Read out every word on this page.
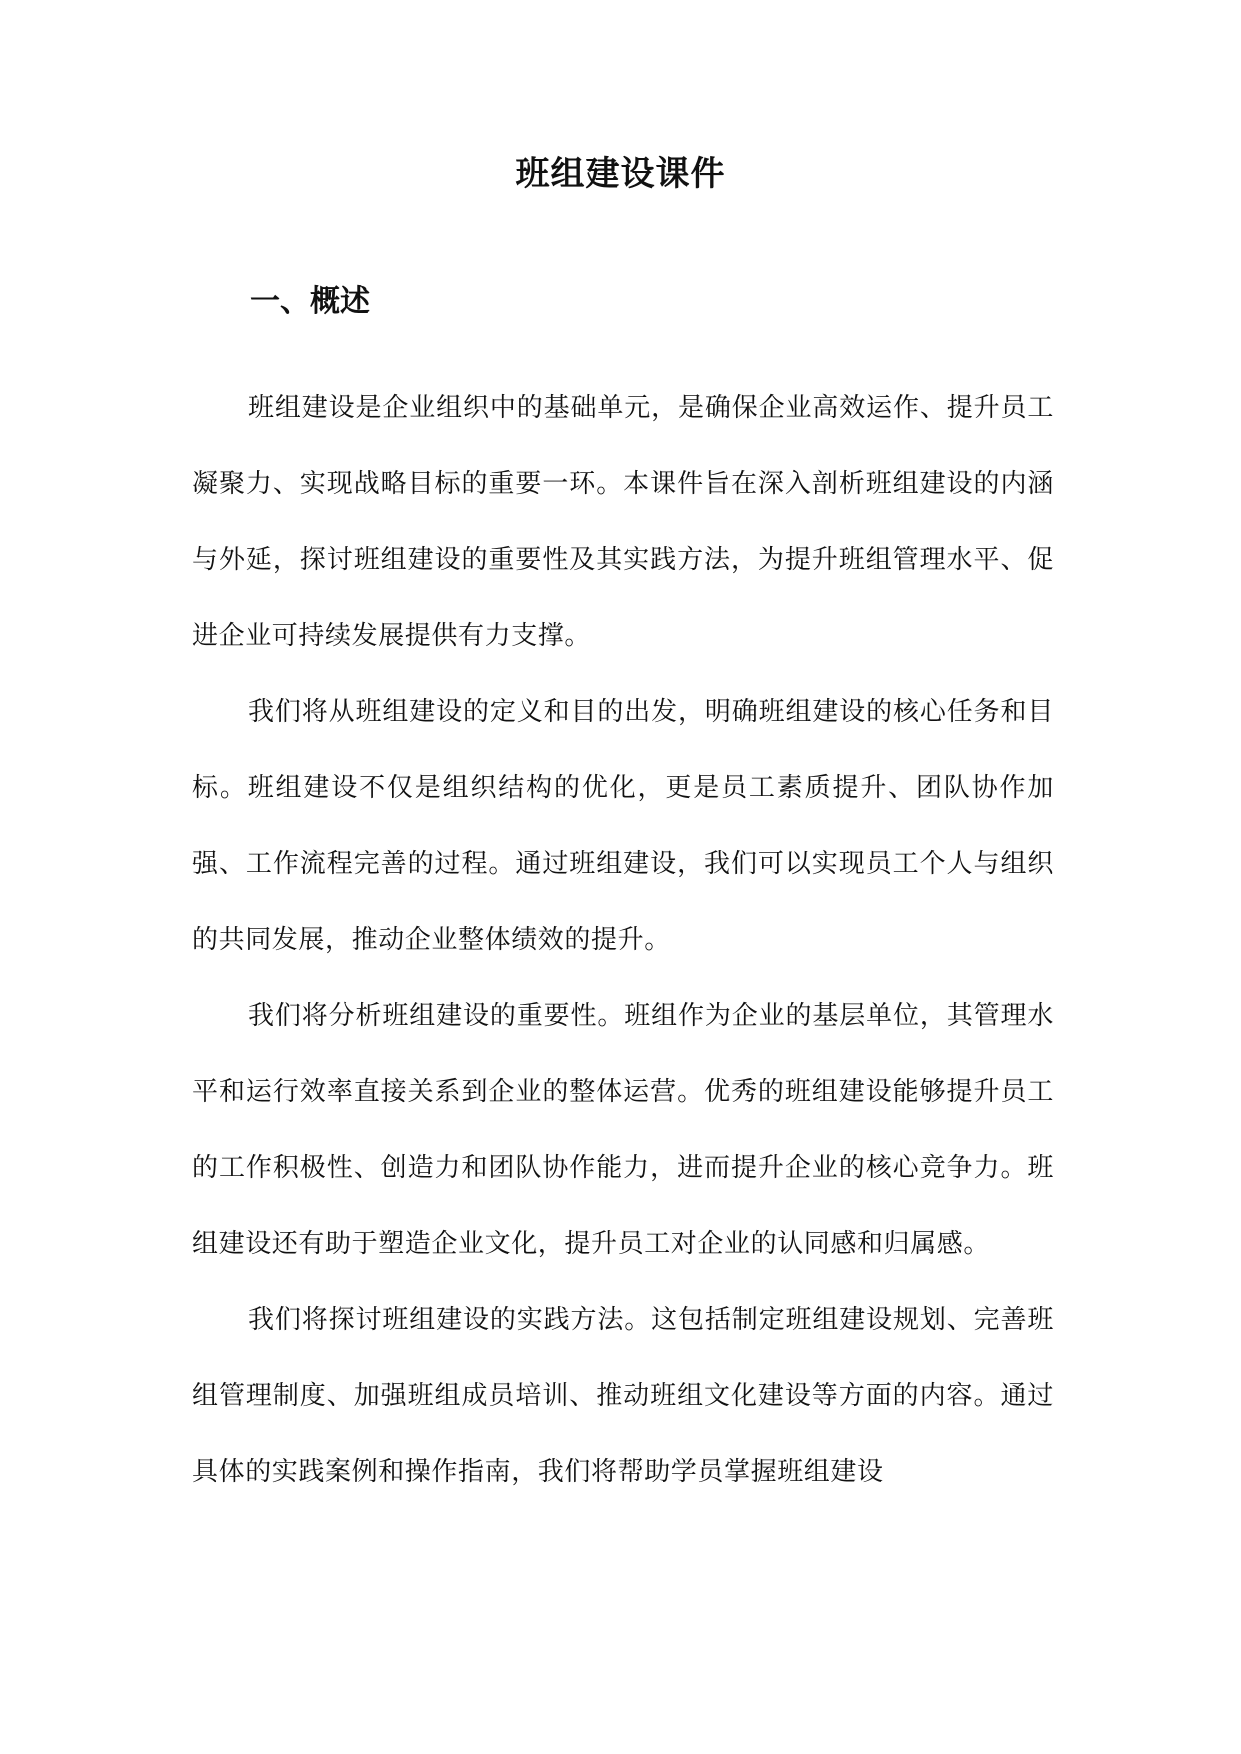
班组建设课件
一、概述

班组建设是企业组织中的基础单元，是确保企业高效运作、提升员工凝聚力、实现战略目标的重要一环。本课件旨在深入剖析班组建设的内涵与外延，探讨班组建设的重要性及其实践方法，为提升班组管理水平、促进企业可持续发展提供有力支撑。

我们将从班组建设的定义和目的出发，明确班组建设的核心任务和目标。班组建设不仅是组织结构的优化，更是员工素质提升、团队协作加强、工作流程完善的过程。通过班组建设，我们可以实现员工个人与组织的共同发展，推动企业整体绩效的提升。

我们将分析班组建设的重要性。班组作为企业的基层单位，其管理水平和运行效率直接关系到企业的整体运营。优秀的班组建设能够提升员工的工作积极性、创造力和团队协作能力，进而提升企业的核心竞争力。班组建设还有助于塑造企业文化，提升员工对企业的认同感和归属感。

我们将探讨班组建设的实践方法。这包括制定班组建设规划、完善班组管理制度、加强班组成员培训、推动班组文化建设等方面的内容。通过具体的实践案例和操作指南，我们将帮助学员掌握班组建设
